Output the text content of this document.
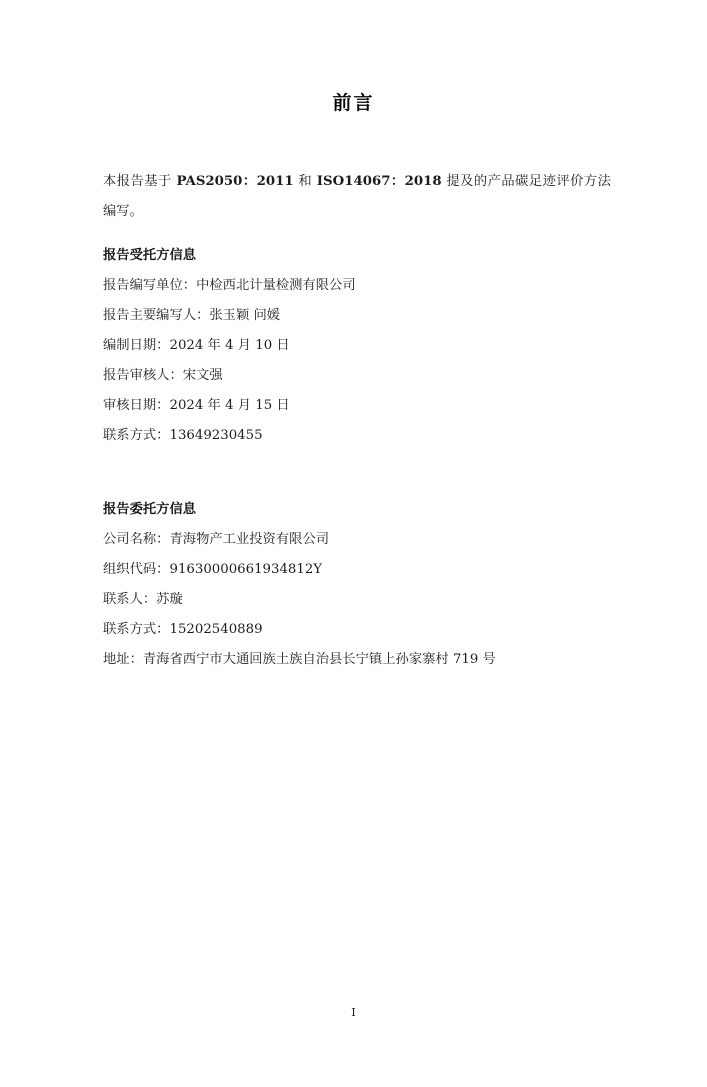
前言

本报告基于 PAS2050：2011 和 ISO14067：2018 提及的产品碳足迹评价方法编写。

报告受托方信息

报告编写单位：中检西北计量检测有限公司

报告主要编写人：张玉颖 问媛

编制日期：2024 年 4 月 10 日

报告审核人：宋文强

审核日期：2024 年 4 月 15 日

联系方式：13649230455

报告委托方信息

公司名称：青海物产工业投资有限公司

组织代码：91630000661934812Y

联系人：苏璇

联系方式：15202540889

地址：青海省西宁市大通回族土族自治县长宁镇上孙家寨村 719 号

I
